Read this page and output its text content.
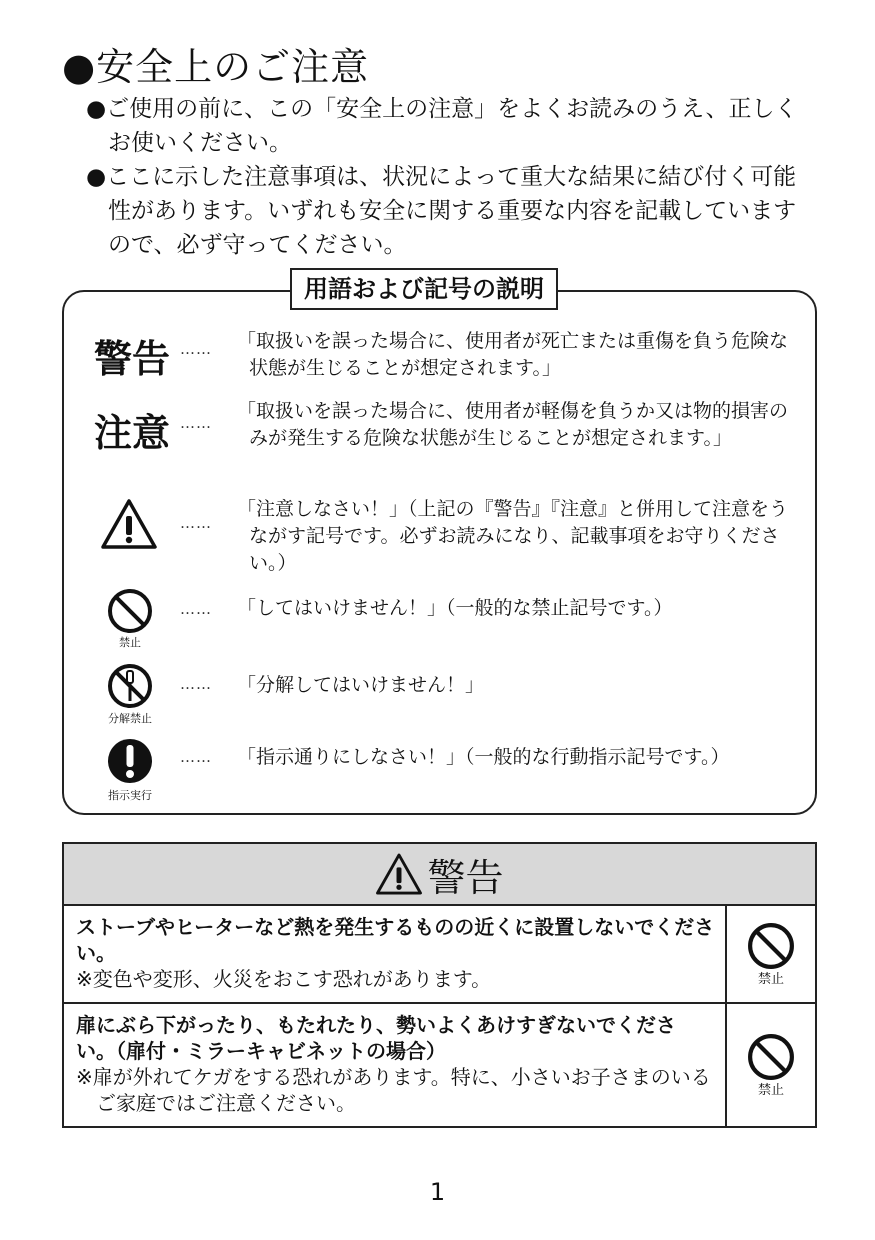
●安全上のご注意
●ご使用の前に、この「安全上の注意」をよくお読みのうえ、正しくお使いください。
●ここに示した注意事項は、状況によって重大な結果に結び付く可能性があります。いずれも安全に関する重要な内容を記載していますので、必ず守ってください。
用語および記号の説明
警告 …… 「取扱いを誤った場合に、使用者が死亡または重傷を負う危険な状態が生じることが想定されます。」
注意 ……
「取扱いを誤った場合に、使用者が軽傷を負うか又は物的損害のみが発生する危険な状態が生じることが想定されます。」
……
「注意しなさい！」（上記の『警告』『注意』と併用して注意をうながす記号です。必ずお読みになり、記載事項をお守りください。）
禁止
…… 「してはいけません！」（一般的な禁止記号です。）
分解禁止
…… 「分解してはいけません！」
指示実行
…… 「指示通りにしなさい！」（一般的な行動指示記号です。）
警告
ストーブやヒーターなど熱を発生するものの近くに設置しないでください。
※変色や変形、火災をおこす恐れがあります。	禁止
扉にぶら下がったり、もたれたり、勢いよくあけすぎないでください。（扉付・ミラーキャビネットの場合）
※扉が外れてケガをする恐れがあります。特に、小さいお子さまのいるご家庭ではご注意ください。
禁止
1
